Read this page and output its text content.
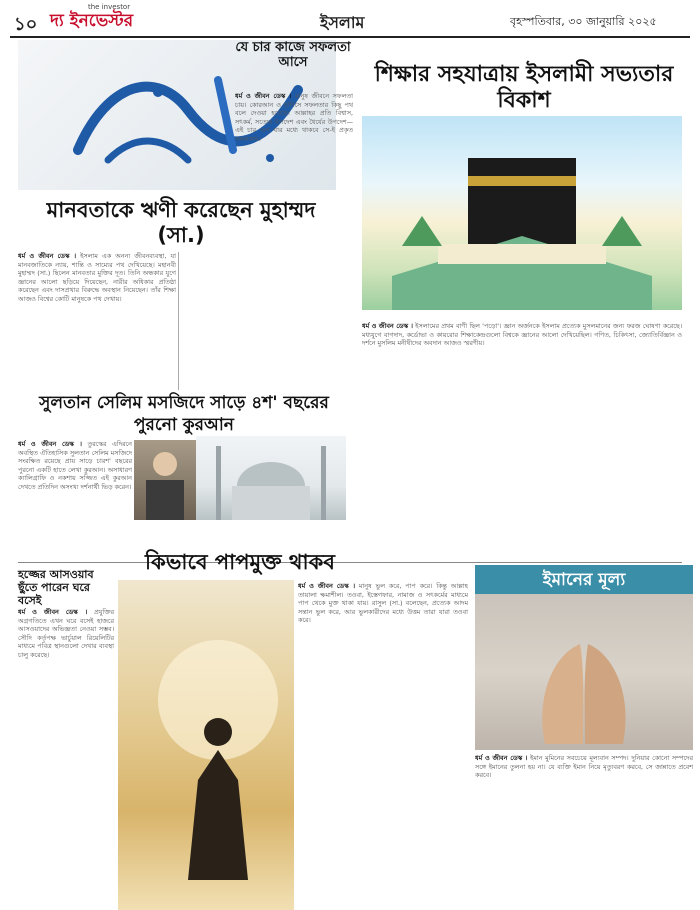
১০
the investor
দ্য ইনভেস্টর	ইসলাম	বৃহস্পতিবার, ৩০ জানুয়ারি ২০২৫
যে চার কাজে সফলতা আসে
ধর্ম ও জীবন ডেস্ক । মানুষ জীবনে সফলতা চায়। কোরআন ও হাদিসে সফলতার কিছু পথ বলে দেওয়া হয়েছে। আল্লাহর প্রতি বিশ্বাস, সৎকর্ম, সত্যের উপদেশ এবং ধৈর্যের উপদেশ—এই চার গুণ যার মধ্যে থাকবে সে-ই প্রকৃত সফলকাম।
শিক্ষার সহযাত্রায় ইসলামী সভ্যতার বিকাশ
মানবতাকে ঋণী করেছেন মুহাম্মদ (সা.)
ধর্ম ও জীবন ডেস্ক । ইসলাম এক অনন্য জীবনব্যবস্থা, যা মানবজাতিকে ন্যায়, শান্তি ও সাম্যের পথ দেখিয়েছে। মহানবী মুহাম্মদ (সা.) ছিলেন মানবতার মুক্তির দূত। তিনি অন্ধকার যুগে জ্ঞানের আলো ছড়িয়ে দিয়েছেন, নারীর অধিকার প্রতিষ্ঠা করেছেন এবং দাসপ্রথার বিরুদ্ধে অবস্থান নিয়েছেন। তাঁর শিক্ষা আজও বিশ্বের কোটি মানুষকে পথ দেখায়।
ধর্ম ও জীবন ডেস্ক । ইসলামের প্রথম বাণী ছিল 'পড়ো'। জ্ঞান অর্জনকে ইসলাম প্রত্যেক মুসলমানের জন্য ফরজ ঘোষণা করেছে। মধ্যযুগে বাগদাদ, কর্ডোভা ও কায়রোর শিক্ষাকেন্দ্রগুলো বিশ্বকে জ্ঞানের আলো দেখিয়েছিল। গণিত, চিকিৎসা, জ্যোতির্বিজ্ঞান ও দর্শনে মুসলিম মনীষীদের অবদান আজও স্মরণীয়।
সুলতান সেলিম মসজিদে সাড়ে ৪শ' বছরের পুরনো কুরআন
ধর্ম ও জীবন ডেস্ক । তুরস্কের এদিরনে অবস্থিত ঐতিহাসিক সুলতান সেলিম মসজিদে সংরক্ষিত রয়েছে প্রায় সাড়ে চারশ' বছরের পুরনো একটি হাতে লেখা কুরআন। অসাধারণ ক্যালিগ্রাফি ও নকশায় সজ্জিত এই কুরআন দেখতে প্রতিদিন অসংখ্য দর্শনার্থী ভিড় করেন।
হজ্জের আসওয়াব ছুঁতে পারেন ঘরে বসেই
ধর্ম ও জীবন ডেস্ক । প্রযুক্তির অগ্রগতিতে এখন ঘরে বসেই হাজরে আসওয়াদের অভিজ্ঞতা নেওয়া সম্ভব। সৌদি কর্তৃপক্ষ ভার্চুয়াল রিয়েলিটির মাধ্যমে পবিত্র স্থানগুলো দেখার ব্যবস্থা চালু করেছে।
কিভাবে পাপমুক্ত থাকব
ধর্ম ও জীবন ডেস্ক । মানুষ ভুল করে, পাপ করে। কিন্তু আল্লাহ তায়ালা ক্ষমাশীল। তওবা, ইস্তেগফার, নামাজ ও সৎকর্মের মাধ্যমে পাপ থেকে মুক্ত থাকা যায়। রাসুল (সা.) বলেছেন, প্রত্যেক আদম সন্তান ভুল করে, আর ভুলকারীদের মধ্যে উত্তম তারা যারা তওবা করে।
ইমানের মূল্য
ধর্ম ও জীবন ডেস্ক । ইমান মুমিনের সবচেয়ে মূল্যবান সম্পদ। দুনিয়ার কোনো সম্পদের সঙ্গে ইমানের তুলনা হয় না। যে ব্যক্তি ইমান নিয়ে মৃত্যুবরণ করবে, সে জান্নাতে প্রবেশ করবে।
